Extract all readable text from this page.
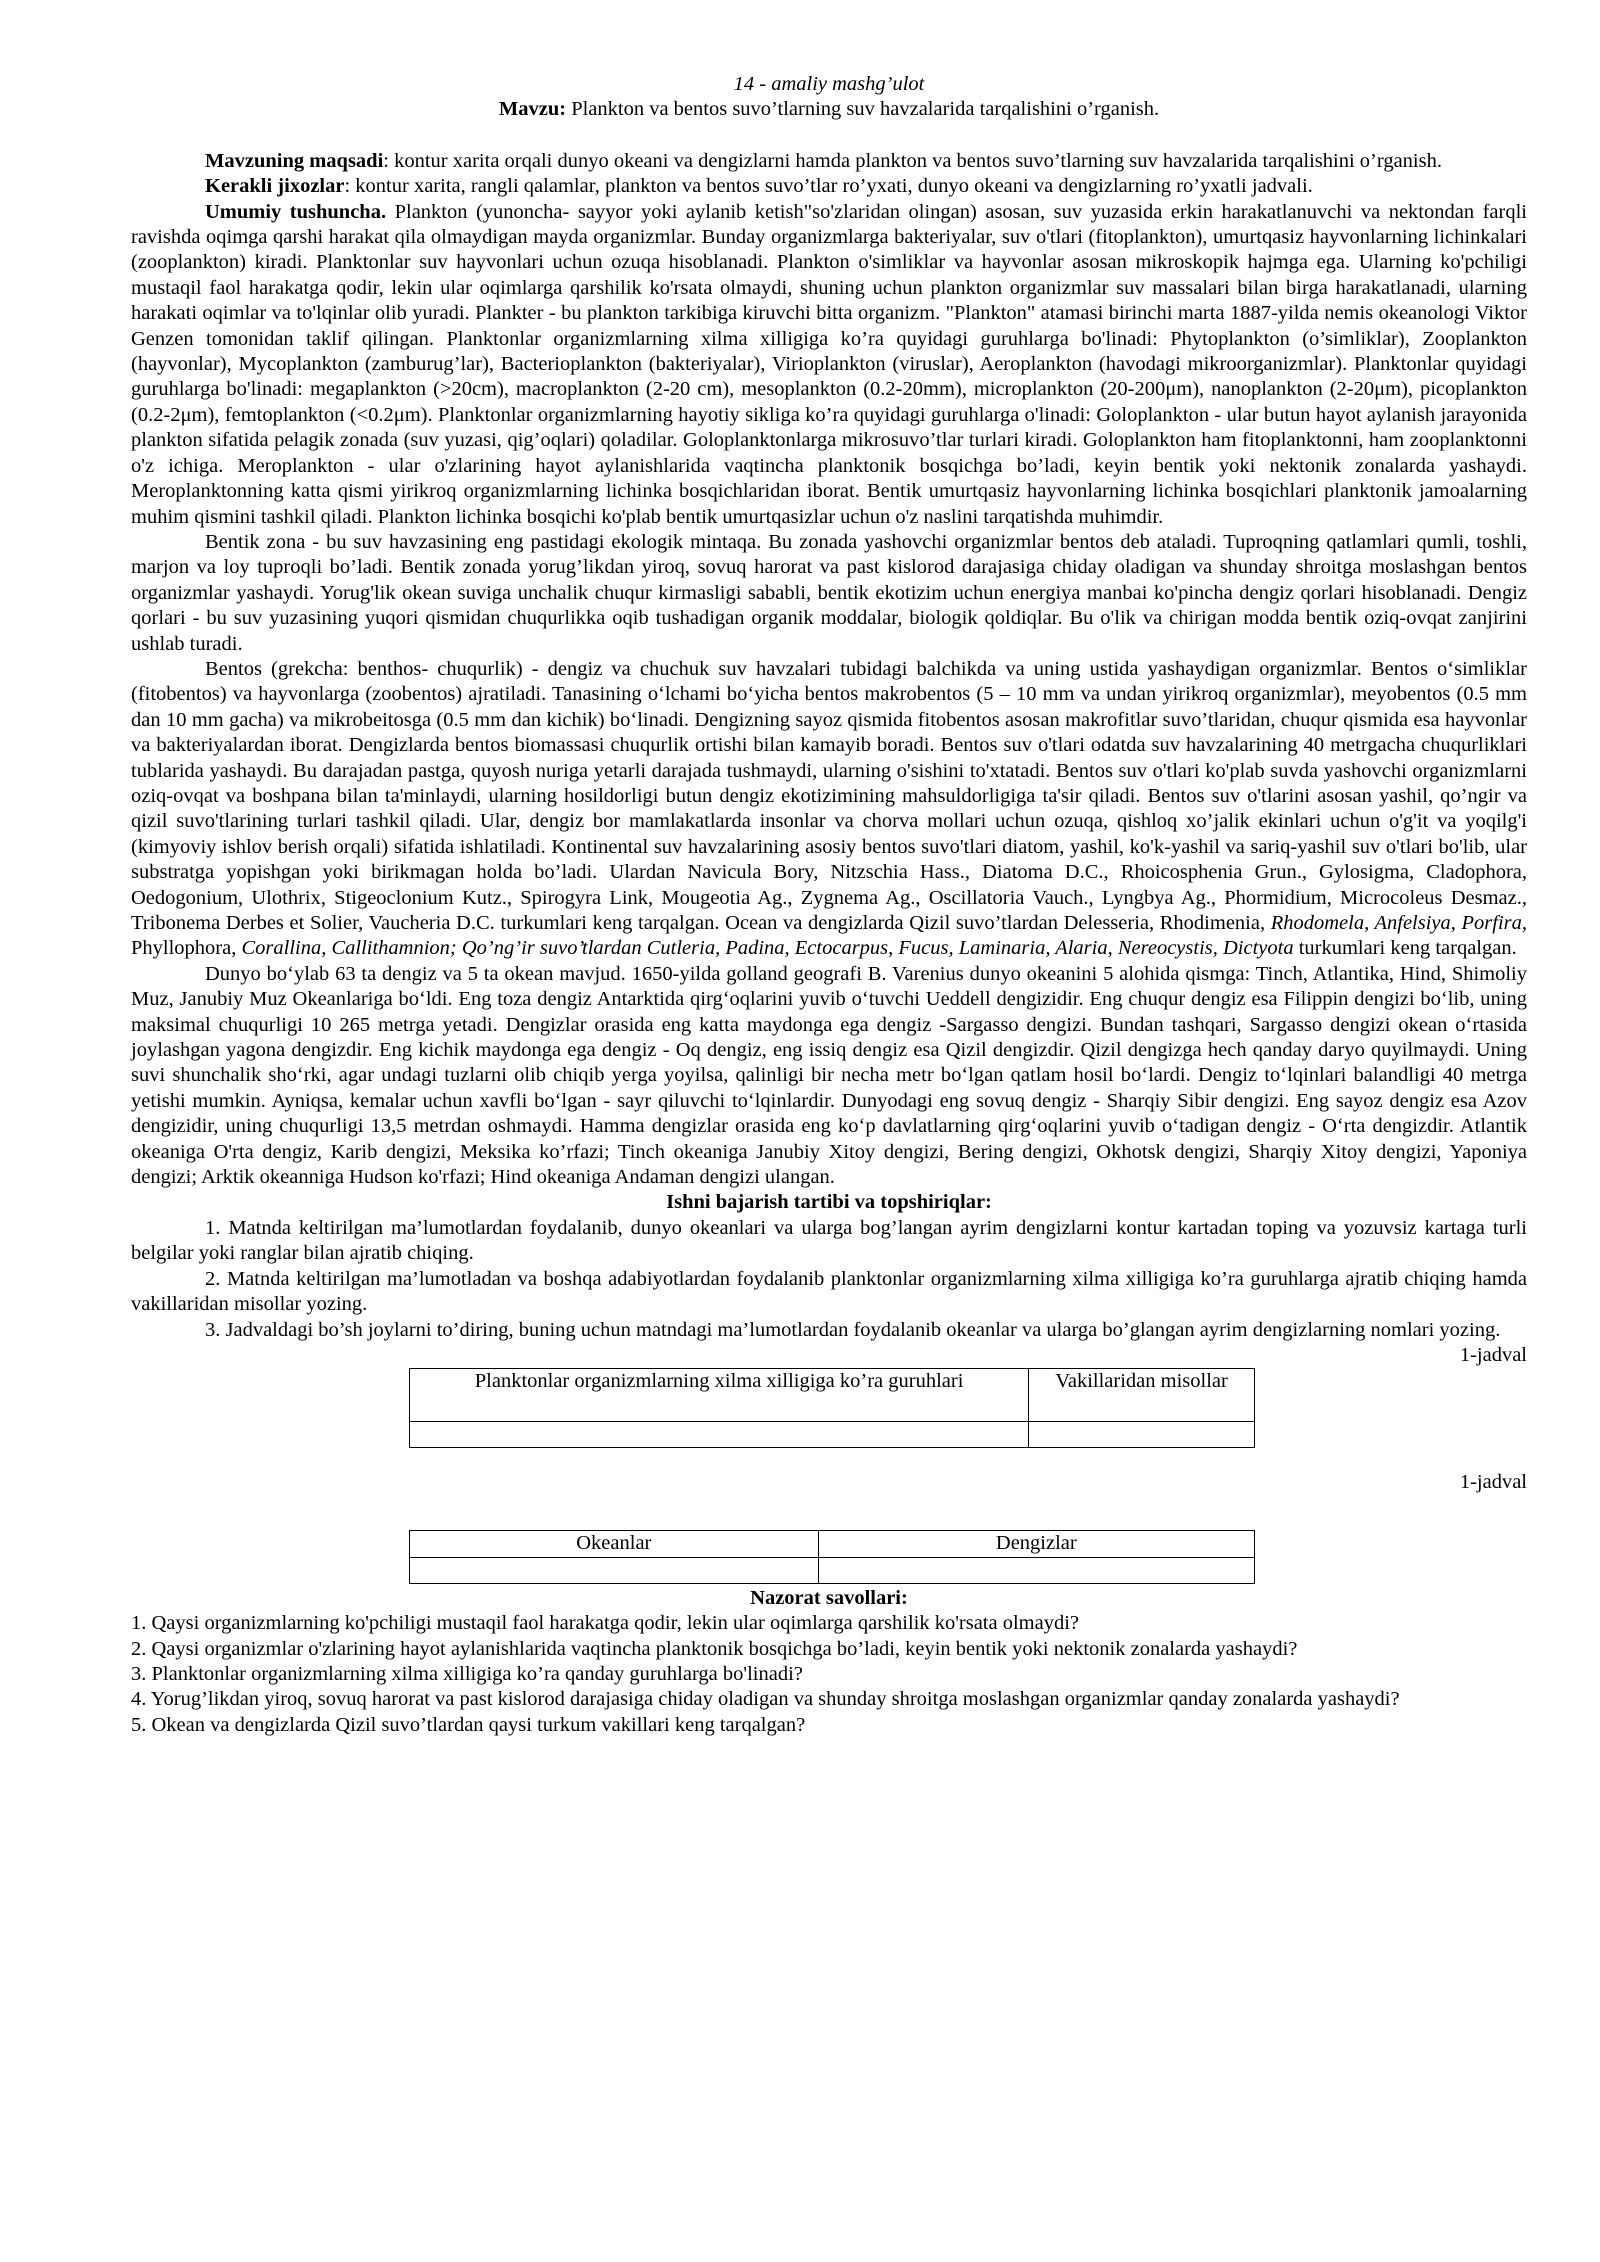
14 - amaliy mashg’ulot
Mavzu: Plankton va bentos suvo’tlarning suv havzalarida tarqalishini o’rganish.

Mavzuning maqsadi: kontur xarita orqali dunyo okeani va dengizlarni hamda plankton va bentos suvo’tlarning suv havzalarida tarqalishini o’rganish.

Kerakli jixozlar: kontur xarita, rangli qalamlar, plankton va bentos suvo’tlar ro’yxati, dunyo okeani va dengizlarning ro’yxatli jadvali.

Umumiy tushuncha. Plankton (yunoncha- sayyor yoki aylanib ketish"so'zlaridan olingan) asosan, suv yuzasida erkin harakatlanuvchi va nektondan farqli ravishda oqimga qarshi harakat qila olmaydigan mayda organizmlar. Bunday organizmlarga bakteriyalar, suv o'tlari (fitoplankton), umurtqasiz hayvonlarning lichinkalari (zooplankton) kiradi. Planktonlar suv hayvonlari uchun ozuqa hisoblanadi. Plankton o'simliklar va hayvonlar asosan mikroskopik hajmga ega. Ularning ko'pchiligi mustaqil faol harakatga qodir, lekin ular oqimlarga qarshilik ko'rsata olmaydi, shuning uchun plankton organizmlar suv massalari bilan birga harakatlanadi, ularning harakati oqimlar va to'lqinlar olib yuradi. Plankter - bu plankton tarkibiga kiruvchi bitta organizm. "Plankton" atamasi birinchi marta 1887-yilda nemis okeanologi Viktor Genzen tomonidan taklif qilingan. Planktonlar organizmlarning xilma xilligiga ko’ra quyidagi guruhlarga bo'linadi: Phytoplankton (o’simliklar), Zooplankton (hayvonlar), Mycoplankton (zamburug’lar), Bacterioplankton (bakteriyalar), Virioplankton (viruslar), Aeroplankton (havodagi mikroorganizmlar). Planktonlar quyidagi guruhlarga bo'linadi: megaplankton (>20cm), macroplankton (2-20 cm), mesoplankton (0.2-20mm), microplankton (20-200μm), nanoplankton (2-20μm), picoplankton (0.2-2μm), femtoplankton (<0.2μm). Planktonlar organizmlarning hayotiy sikliga ko’ra quyidagi guruhlarga o'linadi: Goloplankton - ular butun hayot aylanish jarayonida plankton sifatida pelagik zonada (suv yuzasi, qig’oqlari) qoladilar. Goloplanktonlarga mikrosuvo’tlar turlari kiradi. Goloplankton ham fitoplanktonni, ham zooplanktonni o'z ichiga. Meroplankton - ular o'zlarining hayot aylanishlarida vaqtincha planktonik bosqichga bo’ladi, keyin bentik yoki nektonik zonalarda yashaydi. Meroplanktonning katta qismi yirikroq organizmlarning lichinka bosqichlaridan iborat. Bentik umurtqasiz hayvonlarning lichinka bosqichlari planktonik jamoalarning muhim qismini tashkil qiladi. Plankton lichinka bosqichi ko'plab bentik umurtqasizlar uchun o'z naslini tarqatishda muhimdir.

Bentik zona - bu suv havzasining eng pastidagi ekologik mintaqa. Bu zonada yashovchi organizmlar bentos deb ataladi. Tuproqning qatlamlari qumli, toshli, marjon va loy tuproqli bo’ladi. Bentik zonada yorug’likdan yiroq, sovuq harorat va past kislorod darajasiga chiday oladigan va shunday shroitga moslashgan bentos organizmlar yashaydi. Yorug'lik okean suviga unchalik chuqur kirmasligi sababli, bentik ekotizim uchun energiya manbai ko'pincha dengiz qorlari hisoblanadi. Dengiz qorlari - bu suv yuzasining yuqori qismidan chuqurlikka oqib tushadigan organik moddalar, biologik qoldiqlar. Bu o'lik va chirigan modda bentik oziq-ovqat zanjirini ushlab turadi.

Bentos (grekcha: benthos- chuqurlik) - dengiz va chuchuk suv havzalari tubidagi balchikda va uning ustida yashaydigan organizmlar. Bentos o‘simliklar (fitobentos) va hayvonlarga (zoobentos) ajratiladi. Tanasining o‘lchami bo‘yicha bentos makrobentos (5 – 10 mm va undan yirikroq organizmlar), meyobentos (0.5 mm dan 10 mm gacha) va mikrobeitosga (0.5 mm dan kichik) bo‘linadi. Dengizning sayoz qismida fitobentos asosan makrofitlar suvo’tlaridan, chuqur qismida esa hayvonlar va bakteriyalardan iborat. Dengizlarda bentos biomassasi chuqurlik ortishi bilan kamayib boradi. Bentos suv o'tlari odatda suv havzalarining 40 metrgacha chuqurliklari tublarida yashaydi. Bu darajadan pastga, quyosh nuriga yetarli darajada tushmaydi, ularning o'sishini to'xtatadi. Bentos suv o'tlari ko'plab suvda yashovchi organizmlarni oziq-ovqat va boshpana bilan ta'minlaydi, ularning hosildorligi butun dengiz ekotizimining mahsuldorligiga ta'sir qiladi. Bentos suv o'tlarini asosan yashil, qo’ngir va qizil suvo'tlarining turlari tashkil qiladi. Ular, dengiz bor mamlakatlarda insonlar va chorva mollari uchun ozuqa, qishloq xo’jalik ekinlari uchun o'g'it va yoqilg'i (kimyoviy ishlov berish orqali) sifatida ishlatiladi. Kontinental suv havzalarining asosiy bentos suvo'tlari diatom, yashil, ko'k-yashil va sariq-yashil suv o'tlari bo'lib, ular substratga yopishgan yoki birikmagan holda bo’ladi. Ulardan Navicula Bory, Nitzschia Hass., Diatoma D.C., Rhoicosphenia Grun., Gylosigma, Cladophora, Oedogonium, Ulothrix, Stigeoclonium Kutz., Spirogyra Link, Mougeotia Ag., Zygnema Ag., Oscillatoria Vauch., Lyngbya Ag., Phormidium, Microcoleus Desmaz., Tribonema Derbes et Solier, Vaucheria D.C. turkumlari keng tarqalgan. Ocean va dengizlarda Qizil suvo’tlardan Delesseria, Rhodimenia, Rhodomela, Anfelsiya, Porfira, Phyllophora, Corallina, Callithamnion; Qo’ng’ir suvo’tlardan Cutleria, Padina, Ectocarpus, Fucus, Laminaria, Alaria, Nereocystis, Dictyota turkumlari keng tarqalgan.

Dunyo bo‘ylab 63 ta dengiz va 5 ta okean mavjud. 1650-yilda golland geografi B. Varenius dunyo okeanini 5 alohida qismga: Tinch, Atlantika, Hind, Shimoliy Muz, Janubiy Muz Okeanlariga bo‘ldi. Eng toza dengiz Antarktida qirg‘oqlarini yuvib o‘tuvchi Ueddell dengizidir. Eng chuqur dengiz esa Filippin dengizi bo‘lib, uning maksimal chuqurligi 10 265 metrga yetadi. Dengizlar orasida eng katta maydonga ega dengiz -Sargasso dengizi. Bundan tashqari, Sargasso dengizi okean o‘rtasida joylashgan yagona dengizdir. Eng kichik maydonga ega dengiz - Oq dengiz, eng issiq dengiz esa Qizil dengizdir. Qizil dengizga hech qanday daryo quyilmaydi. Uning suvi shunchalik sho‘rki, agar undagi tuzlarni olib chiqib yerga yoyilsa, qalinligi bir necha metr bo‘lgan qatlam hosil bo‘lardi. Dengiz to‘lqinlari balandligi 40 metrga yetishi mumkin. Ayniqsa, kemalar uchun xavfli bo‘lgan - sayr qiluvchi to‘lqinlardir. Dunyodagi eng sovuq dengiz - Sharqiy Sibir dengizi. Eng sayoz dengiz esa Azov dengizidir, uning chuqurligi 13,5 metrdan oshmaydi. Hamma dengizlar orasida eng ko‘p davlatlarning qirg‘oqlarini yuvib o‘tadigan dengiz - O‘rta dengizdir. Atlantik okeaniga O'rta dengiz, Karib dengizi, Meksika ko’rfazi; Tinch okeaniga Janubiy Xitoy dengizi, Bering dengizi, Okhotsk dengizi, Sharqiy Xitoy dengizi, Yaponiya dengizi; Arktik okeanniga Hudson ko'rfazi; Hind okeaniga Andaman dengizi ulangan.

Ishni bajarish tartibi va topshiriqlar:

1. Matnda keltirilgan ma’lumotlardan foydalanib, dunyo okeanlari va ularga bog’langan ayrim dengizlarni kontur kartadan toping va yozuvsiz kartaga turli belgilar yoki ranglar bilan ajratib chiqing.

2. Matnda keltirilgan ma’lumotladan va boshqa adabiyotlardan foydalanib planktonlar organizmlarning xilma xilligiga ko’ra guruhlarga ajratib chiqing hamda vakillaridan misollar yozing.

3. Jadvaldagi bo’sh joylarni to’diring, buning uchun matndagi ma’lumotlardan foydalanib okeanlar va ularga bo’glangan ayrim dengizlarning nomlari yozing.

1-jadval
Planktonlar organizmlarning xilma xilligiga ko’ra guruhlari	Vakillaridan misollar

1-jadval
Okeanlar	Dengizlar

Nazorat savollari:

1. Qaysi organizmlarning ko'pchiligi mustaqil faol harakatga qodir, lekin ular oqimlarga qarshilik ko'rsata olmaydi?

2. Qaysi organizmlar o'zlarining hayot aylanishlarida vaqtincha planktonik bosqichga bo’ladi, keyin bentik yoki nektonik zonalarda yashaydi?

3. Planktonlar organizmlarning xilma xilligiga ko’ra qanday guruhlarga bo'linadi?

4. Yorug’likdan yiroq, sovuq harorat va past kislorod darajasiga chiday oladigan va shunday shroitga moslashgan organizmlar qanday zonalarda yashaydi?

5. Okean va dengizlarda Qizil suvo’tlardan qaysi turkum vakillari keng tarqalgan?
